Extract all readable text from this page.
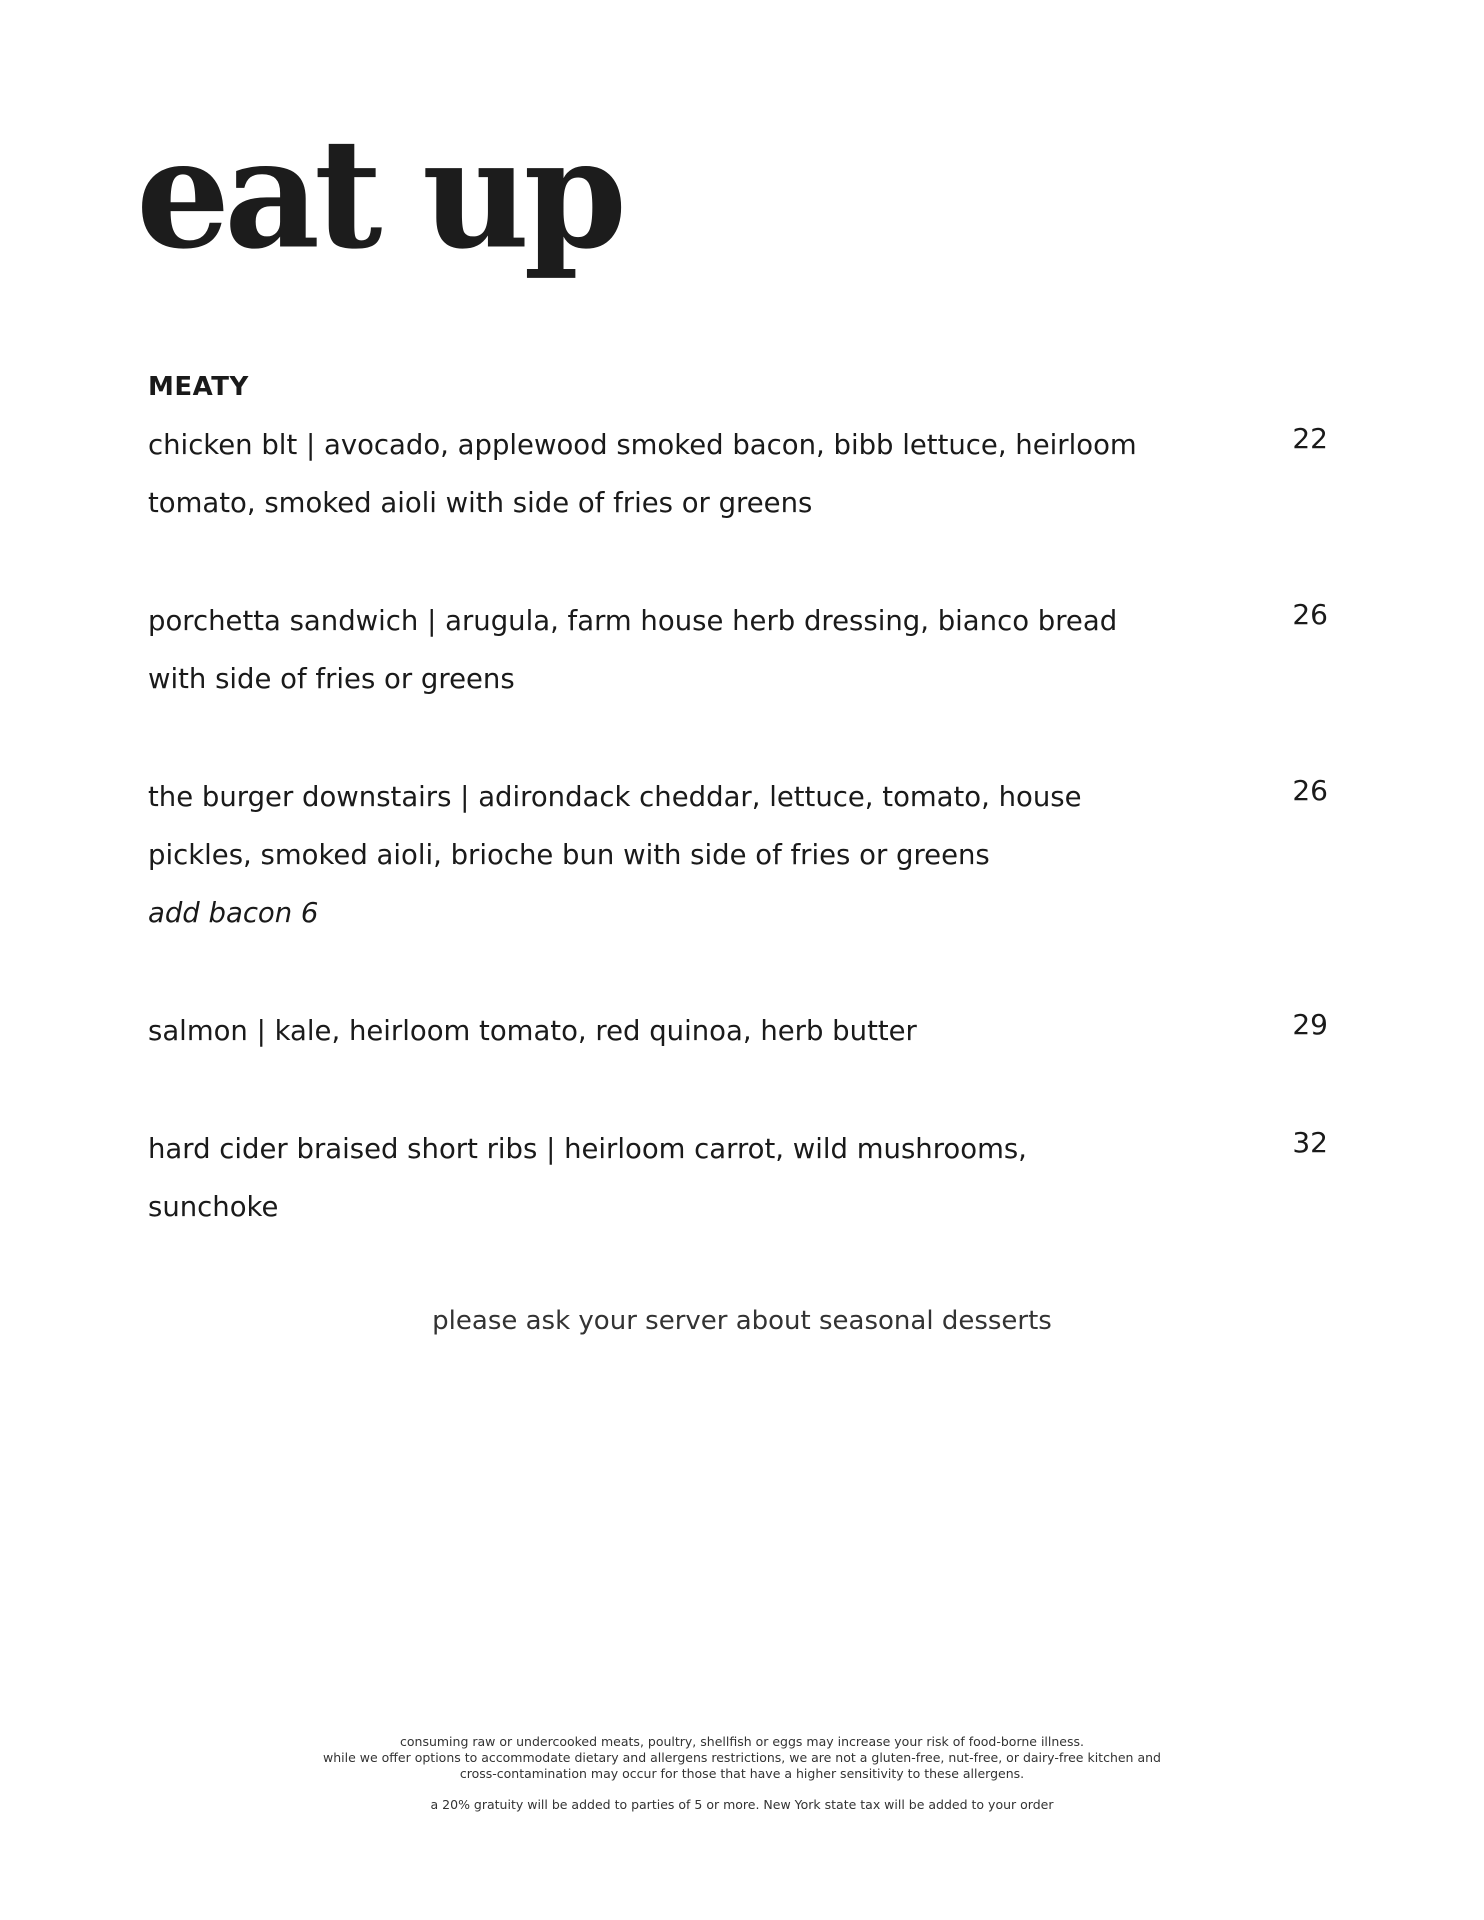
eat up
MEATY
chicken blt | avocado, applewood smoked bacon, bibb lettuce, heirloom tomato, smoked aioli with side of fries or greens
22
porchetta sandwich | arugula, farm house herb dressing, bianco bread with side of fries or greens
26
the burger downstairs | adirondack cheddar, lettuce, tomato, house pickles, smoked aioli, brioche bun with side of fries or greens
add bacon 6
26
salmon | kale, heirloom tomato, red quinoa, herb butter	29
hard cider braised short ribs | heirloom carrot, wild mushrooms, sunchoke
32
please ask your server about seasonal desserts
consuming raw or undercooked meats, poultry, shellfish or eggs may increase your risk of food-borne illness.
while we offer options to accommodate dietary and allergens restrictions, we are not a gluten-free, nut-free, or dairy-free kitchen and
cross-contamination may occur for those that have a higher sensitivity to these allergens.
a 20% gratuity will be added to parties of 5 or more. New York state tax will be added to your order
